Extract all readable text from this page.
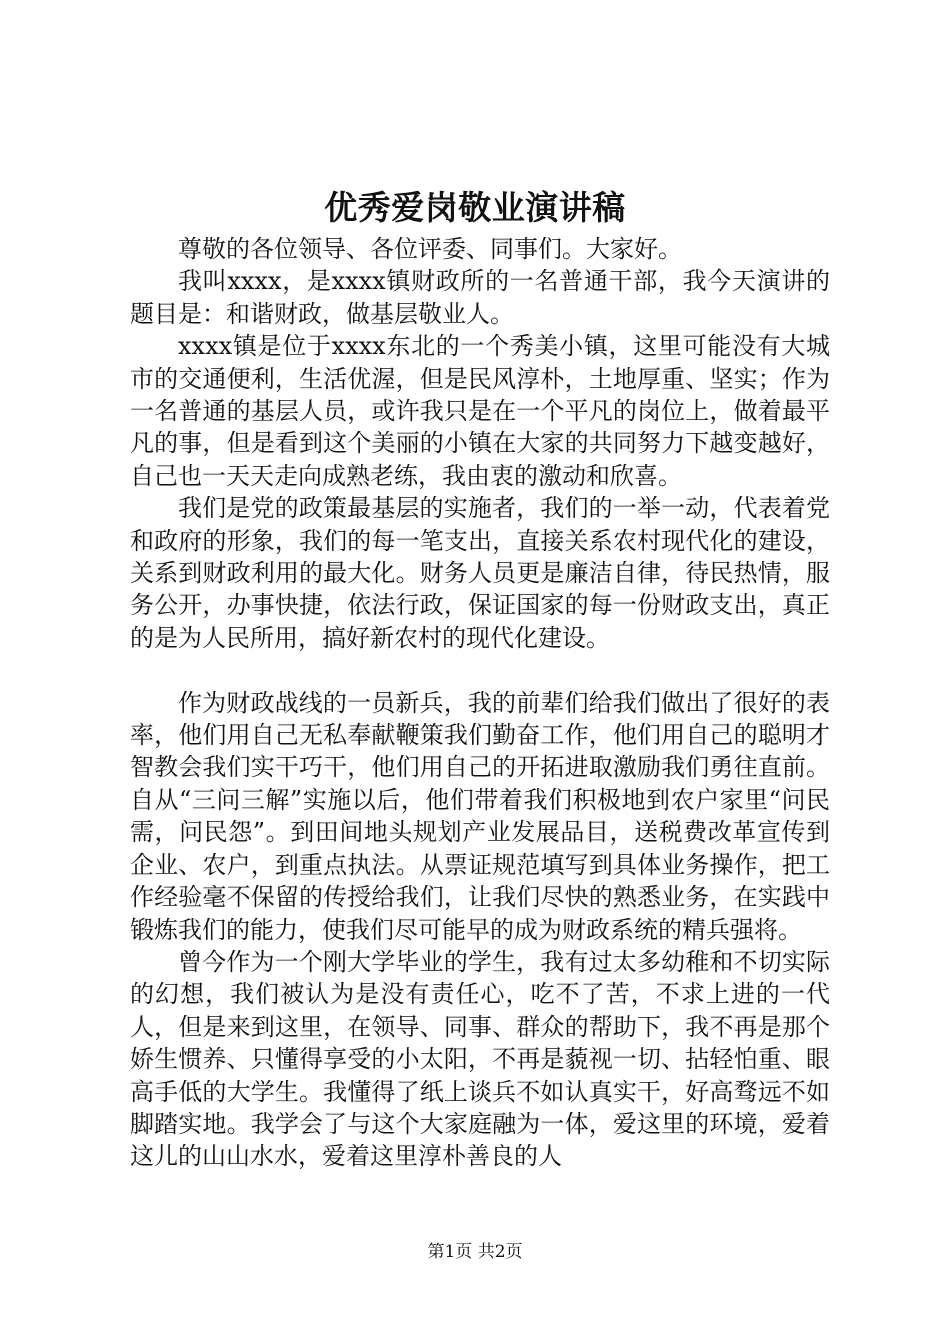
优秀爱岗敬业演讲稿

尊敬的各位领导、各位评委、同事们。大家好。

我叫xxxx，是xxxx镇财政所的一名普通干部，我今天演讲的题目是：和谐财政，做基层敬业人。

xxxx镇是位于xxxx东北的一个秀美小镇，这里可能没有大城市的交通便利，生活优渥，但是民风淳朴，土地厚重、坚实；作为一名普通的基层人员，或许我只是在一个平凡的岗位上，做着最平凡的事，但是看到这个美丽的小镇在大家的共同努力下越变越好，自己也一天天走向成熟老练，我由衷的激动和欣喜。

我们是党的政策最基层的实施者，我们的一举一动，代表着党和政府的形象，我们的每一笔支出，直接关系农村现代化的建设，关系到财政利用的最大化。财务人员更是廉洁自律，待民热情，服务公开，办事快捷，依法行政，保证国家的每一份财政支出，真正的是为人民所用，搞好新农村的现代化建设。

作为财政战线的一员新兵，我的前辈们给我们做出了很好的表率，他们用自己无私奉献鞭策我们勤奋工作，他们用自己的聪明才智教会我们实干巧干，他们用自己的开拓进取激励我们勇往直前。自从“三问三解”实施以后，他们带着我们积极地到农户家里“问民需，问民怨”。到田间地头规划产业发展品目，送税费改革宣传到企业、农户，到重点执法。从票证规范填写到具体业务操作，把工作经验毫不保留的传授给我们，让我们尽快的熟悉业务，在实践中锻炼我们的能力，使我们尽可能早的成为财政系统的精兵强将。

曾今作为一个刚大学毕业的学生，我有过太多幼稚和不切实际的幻想，我们被认为是没有责任心，吃不了苦，不求上进的一代人，但是来到这里，在领导、同事、群众的帮助下，我不再是那个娇生惯养、只懂得享受的小太阳，不再是藐视一切、拈轻怕重、眼高手低的大学生。我懂得了纸上谈兵不如认真实干，好高骛远不如脚踏实地。我学会了与这个大家庭融为一体，爱这里的环境，爱着这儿的山山水水，爱着这里淳朴善良的人

第1页 共2页
